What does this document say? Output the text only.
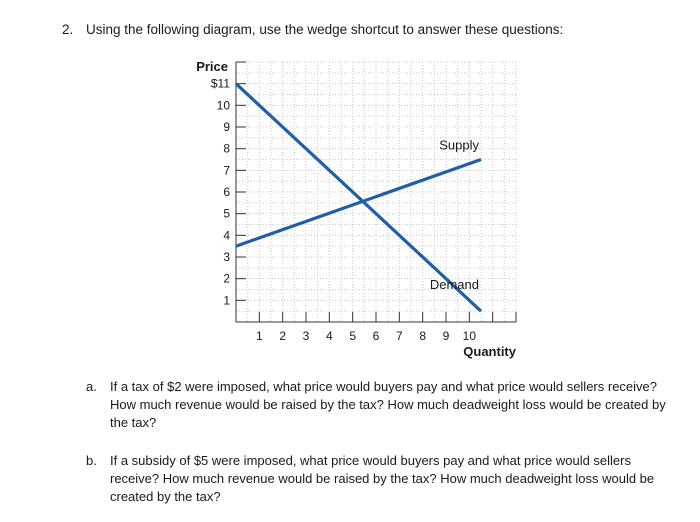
2. Using the following diagram, use the wedge shortcut to answer these questions:
$11
10
9
8
7
6
5
4
3
2
1
1 2 3 4 5 6 7 8 9 10
Price
Quantity
Supply
Demand
a. If a tax of $2 were imposed, what price would buyers pay and what price would sellers receive? How much revenue would be raised by the tax? How much deadweight loss would be created by the tax?
b. If a subsidy of $5 were imposed, what price would buyers pay and what price would sellers receive? How much revenue would be raised by the tax? How much deadweight loss would be created by the tax?
